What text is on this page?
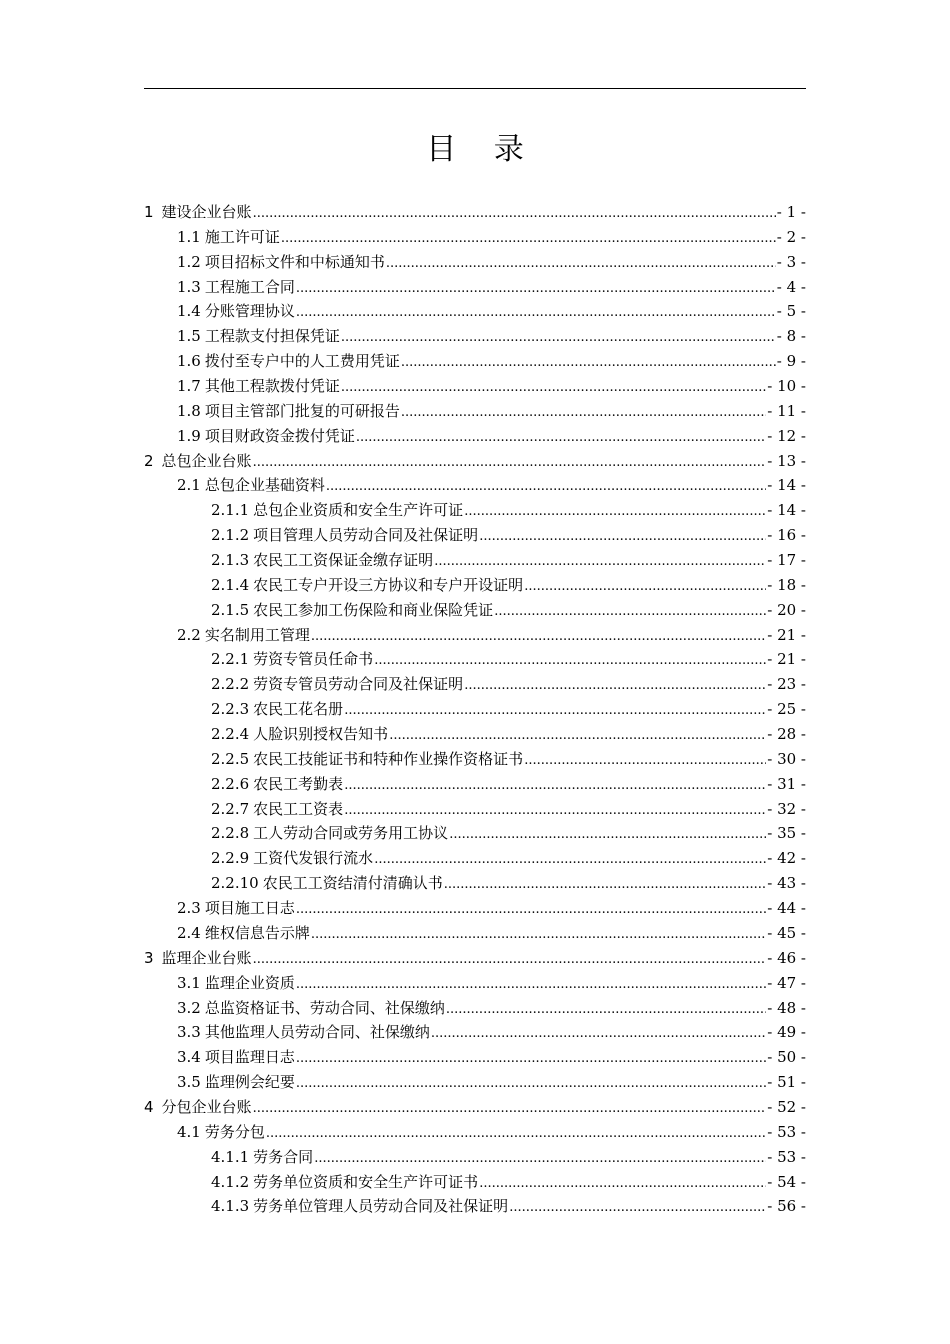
目 录
1 建设企业台账 .....	- 1 -
1.1 施工许可证 .....	- 2 -
1.2 项目招标文件和中标通知书 .....	- 3 -
1.3 工程施工合同 .....	- 4 -
1.4 分账管理协议 .....	- 5 -
1.5 工程款支付担保凭证 .....	- 8 -
1.6 拨付至专户中的人工费用凭证 .....	- 9 -
1.7 其他工程款拨付凭证 .....	- 10 -
1.8 项目主管部门批复的可研报告 .....	- 11 -
1.9 项目财政资金拨付凭证 .....	- 12 -
2 总包企业台账 .....	- 13 -
2.1 总包企业基础资料 .....	- 14 -
2.1.1 总包企业资质和安全生产许可证 .....	- 14 -
2.1.2 项目管理人员劳动合同及社保证明 .....	- 16 -
2.1.3 农民工工资保证金缴存证明 .....	- 17 -
2.1.4 农民工专户开设三方协议和专户开设证明 .....	- 18 -
2.1.5 农民工参加工伤保险和商业保险凭证 .....	- 20 -
2.2 实名制用工管理 .....	- 21 -
2.2.1 劳资专管员任命书 .....	- 21 -
2.2.2 劳资专管员劳动合同及社保证明 .....	- 23 -
2.2.3 农民工花名册 .....	- 25 -
2.2.4 人脸识别授权告知书 .....	- 28 -
2.2.5 农民工技能证书和特种作业操作资格证书 .....	- 30 -
2.2.6 农民工考勤表 .....	- 31 -
2.2.7 农民工工资表 .....	- 32 -
2.2.8 工人劳动合同或劳务用工协议 .....	- 35 -
2.2.9 工资代发银行流水 .....	- 42 -
2.2.10 农民工工资结清付清确认书 .....	- 43 -
2.3 项目施工日志 .....	- 44 -
2.4 维权信息告示牌 .....	- 45 -
3 监理企业台账 .....	- 46 -
3.1 监理企业资质 .....	- 47 -
3.2 总监资格证书、劳动合同、社保缴纳 .....	- 48 -
3.3 其他监理人员劳动合同、社保缴纳 .....	- 49 -
3.4 项目监理日志 .....	- 50 -
3.5 监理例会纪要 .....	- 51 -
4 分包企业台账 .....	- 52 -
4.1 劳务分包 .....	- 53 -
4.1.1 劳务合同 .....	- 53 -
4.1.2 劳务单位资质和安全生产许可证书 .....	- 54 -
4.1.3 劳务单位管理人员劳动合同及社保证明 .....	- 56 -
